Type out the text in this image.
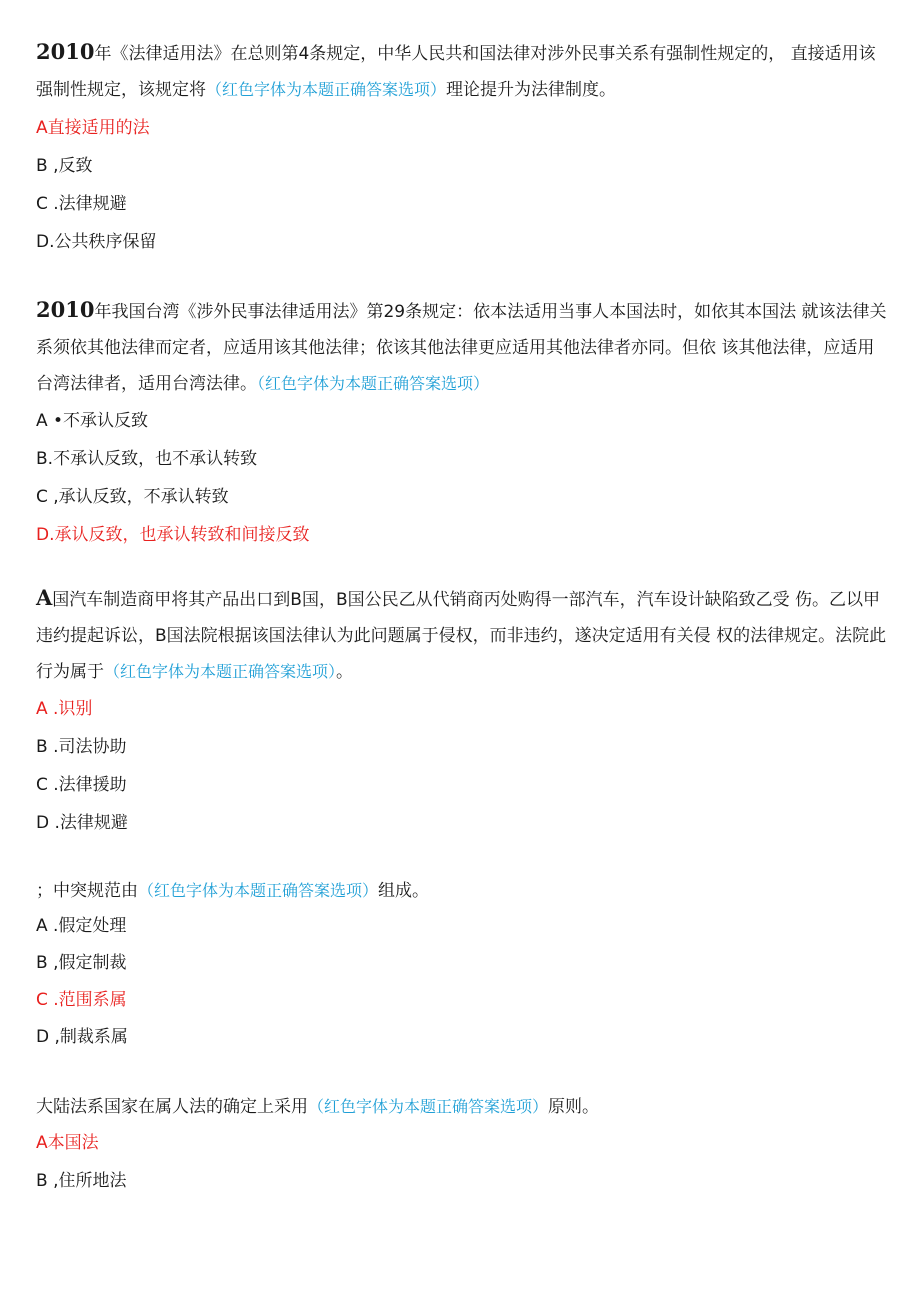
2010年《法律适用法》在总则第4条规定，中华人民共和国法律对涉外民事关系有强制性规定的， 直接适用该强制性规定，该规定将（红色字体为本题正确答案选项）理论提升为法律制度。

A直接适用的法

B ,反致

C .法律规避

D.公共秩序保留

2010年我国台湾《涉外民事法律适用法》第29条规定：依本法适用当事人本国法时，如依其本国法 就该法律关系须依其他法律而定者，应适用该其他法律；依该其他法律更应适用其他法律者亦同。但依 该其他法律，应适用台湾法律者，适用台湾法律。（红色字体为本题正确答案选项）

A •不承认反致

B.不承认反致，也不承认转致

C ,承认反致，不承认转致

D.承认反致，也承认转致和间接反致

A国汽车制造商甲将其产品出口到B国，B国公民乙从代销商丙处购得一部汽车，汽车设计缺陷致乙受 伤。乙以甲违约提起诉讼，B国法院根据该国法律认为此问题属于侵权，而非违约，遂决定适用有关侵 权的法律规定。法院此行为属于（红色字体为本题正确答案选项）。

A .识别

B .司法协助

C .法律援助

D .法律规避

；中突规范由（红色字体为本题正确答案选项）组成。

A .假定处理

B ,假定制裁

C .范围系属

D ,制裁系属

大陆法系国家在属人法的确定上采用（红色字体为本题正确答案选项）原则。

A本国法

B ,住所地法
